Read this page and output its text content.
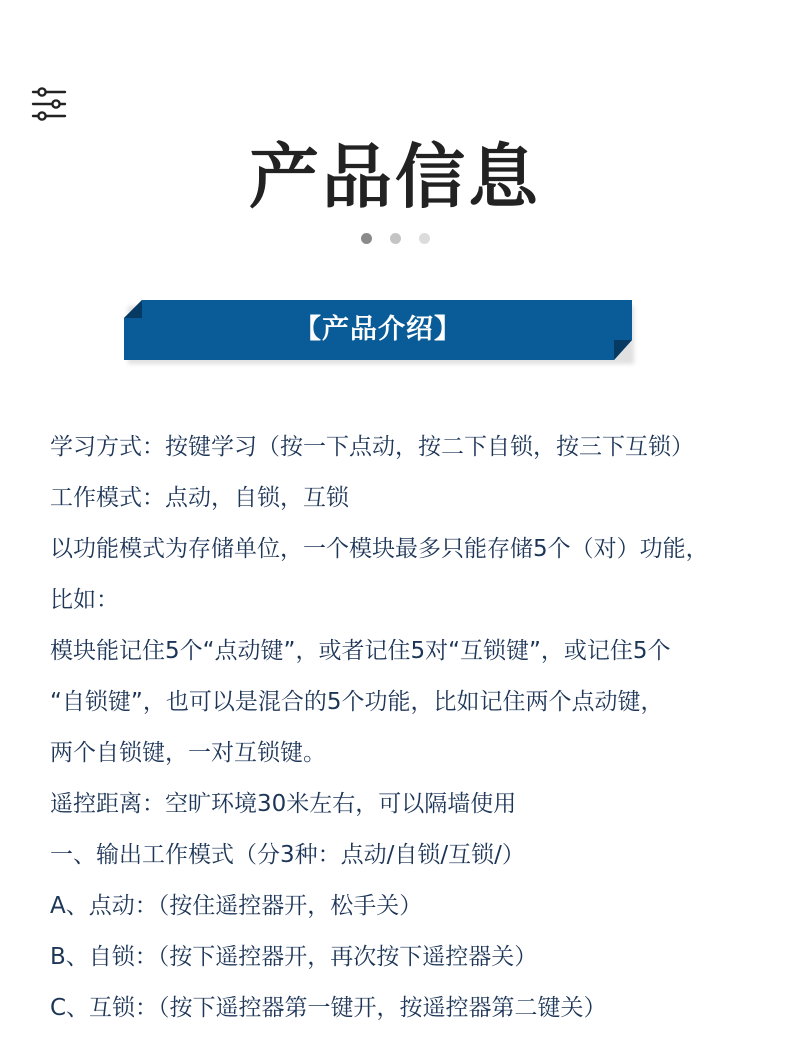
产品信息

【产品介绍】

学习方式：按键学习（按一下点动，按二下自锁，按三下互锁）

工作模式：点动，自锁，互锁

以功能模式为存储单位，一个模块最多只能存储5个（对）功能，

比如：

模块能记住5个“点动键”，或者记住5对“互锁键”，或记住5个

“自锁键”，也可以是混合的5个功能，比如记住两个点动键，

两个自锁键，一对互锁键。

遥控距离：空旷环境30米左右，可以隔墙使用

一、输出工作模式（分3种：点动/自锁/互锁/）

A、点动：（按住遥控器开，松手关）

B、自锁：（按下遥控器开，再次按下遥控器关）

C、互锁：（按下遥控器第一键开，按遥控器第二键关）
